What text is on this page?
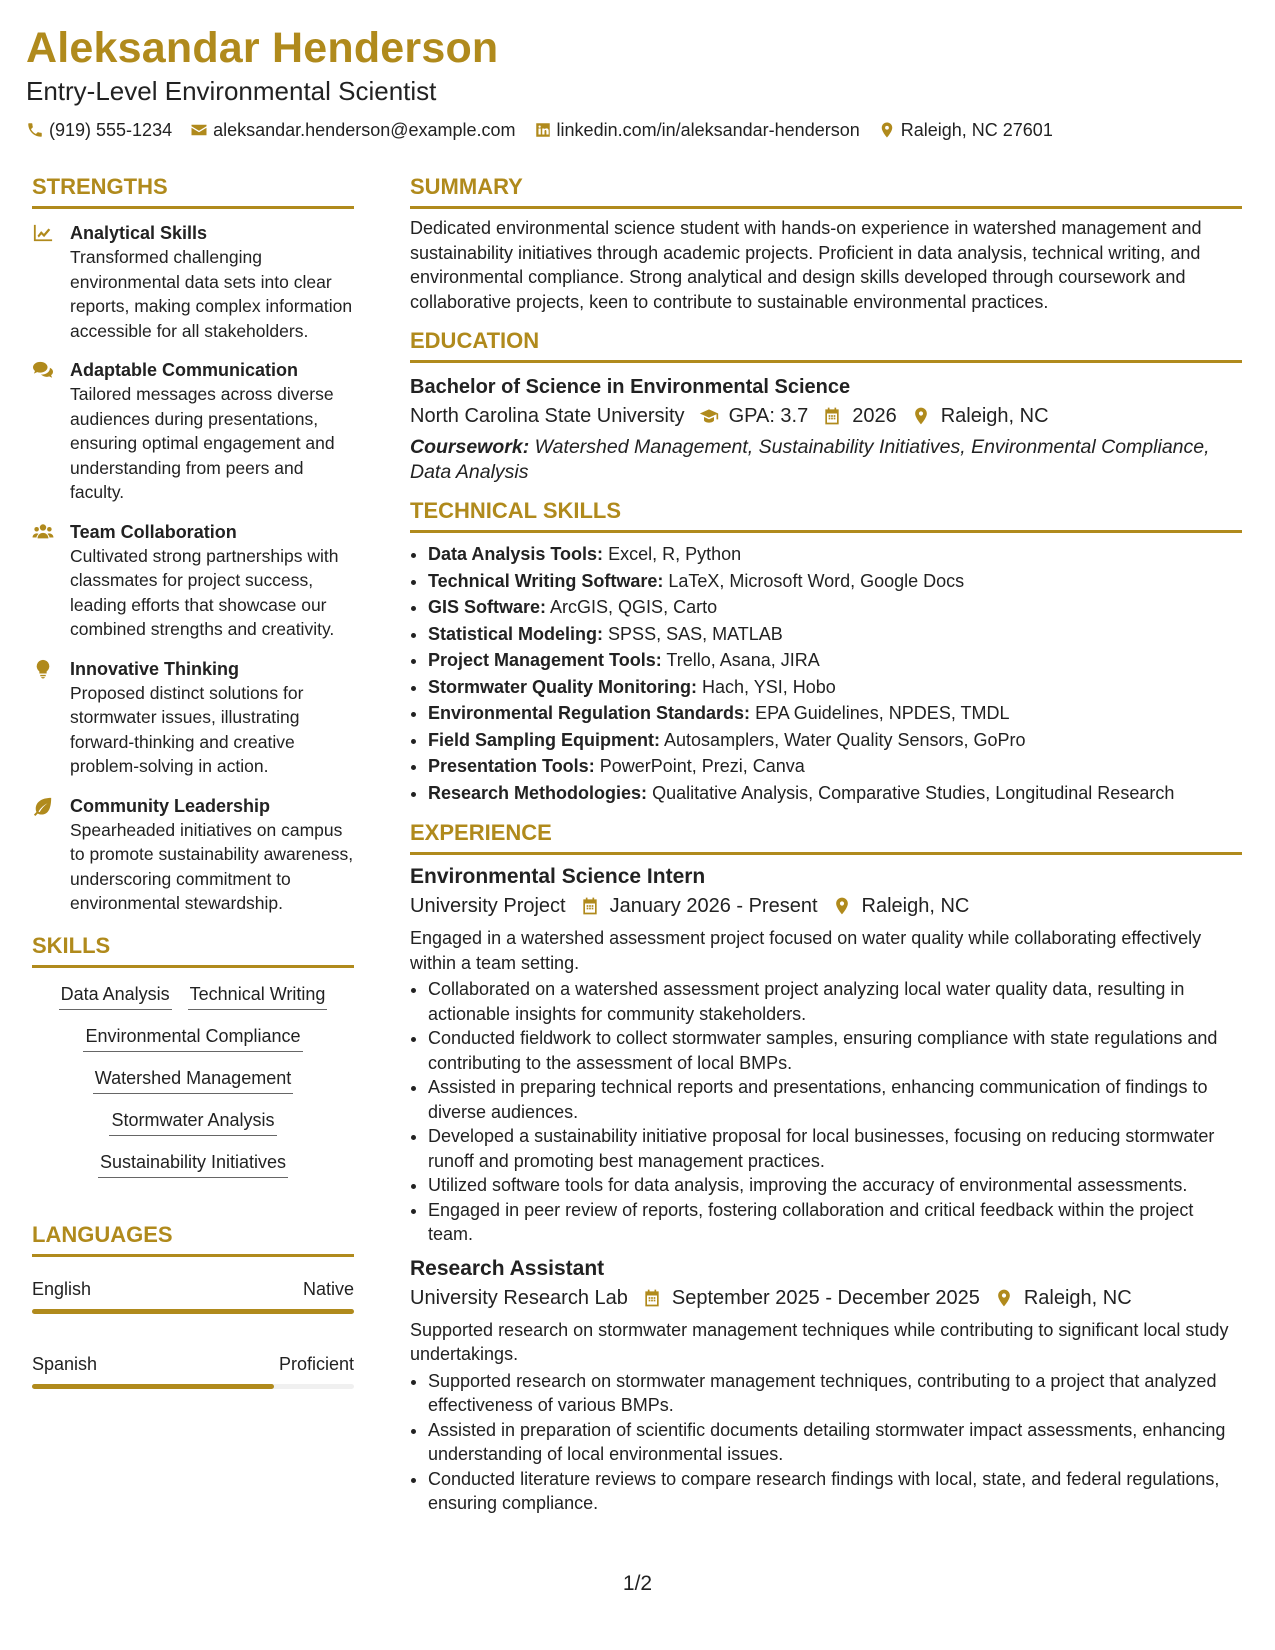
Aleksandar Henderson
Entry-Level Environmental Scientist
(919) 555-1234 aleksandar.henderson@example.com linkedin.com/in/aleksandar-henderson Raleigh, NC 27601
STRENGTHS
Analytical Skills
Transformed challenging environmental data sets into clear reports, making complex information accessible for all stakeholders.
Adaptable Communication
Tailored messages across diverse audiences during presentations, ensuring optimal engagement and understanding from peers and faculty.
Team Collaboration
Cultivated strong partnerships with classmates for project success, leading efforts that showcase our combined strengths and creativity.
Innovative Thinking
Proposed distinct solutions for stormwater issues, illustrating forward-thinking and creative problem-solving in action.
Community Leadership
Spearheaded initiatives on campus to promote sustainability awareness, underscoring commitment to environmental stewardship.
SKILLS
Data Analysis Technical Writing
Environmental Compliance
Watershed Management
Stormwater Analysis
Sustainability Initiatives
LANGUAGES
English	Native
Spanish	Proficient
SUMMARY
Dedicated environmental science student with hands-on experience in watershed management and sustainability initiatives through academic projects. Proficient in data analysis, technical writing, and environmental compliance. Strong analytical and design skills developed through coursework and collaborative projects, keen to contribute to sustainable environmental practices.
EDUCATION
Bachelor of Science in Environmental Science
North Carolina State University GPA: 3.7 2026 Raleigh, NC
Coursework: Watershed Management, Sustainability Initiatives, Environmental Compliance, Data Analysis
TECHNICAL SKILLS
• Data Analysis Tools: Excel, R, Python
• Technical Writing Software: LaTeX, Microsoft Word, Google Docs
• GIS Software: ArcGIS, QGIS, Carto
• Statistical Modeling: SPSS, SAS, MATLAB
• Project Management Tools: Trello, Asana, JIRA
• Stormwater Quality Monitoring: Hach, YSI, Hobo
• Environmental Regulation Standards: EPA Guidelines, NPDES, TMDL
• Field Sampling Equipment: Autosamplers, Water Quality Sensors, GoPro
• Presentation Tools: PowerPoint, Prezi, Canva
• Research Methodologies: Qualitative Analysis, Comparative Studies, Longitudinal Research
EXPERIENCE
Environmental Science Intern
University Project January 2026 - Present Raleigh, NC
Engaged in a watershed assessment project focused on water quality while collaborating effectively within a team setting.
• Collaborated on a watershed assessment project analyzing local water quality data, resulting in actionable insights for community stakeholders.
• Conducted fieldwork to collect stormwater samples, ensuring compliance with state regulations and contributing to the assessment of local BMPs.
• Assisted in preparing technical reports and presentations, enhancing communication of findings to diverse audiences.
• Developed a sustainability initiative proposal for local businesses, focusing on reducing stormwater runoff and promoting best management practices.
• Utilized software tools for data analysis, improving the accuracy of environmental assessments.
• Engaged in peer review of reports, fostering collaboration and critical feedback within the project team.
Research Assistant
University Research Lab September 2025 - December 2025 Raleigh, NC
Supported research on stormwater management techniques while contributing to significant local study undertakings.
• Supported research on stormwater management techniques, contributing to a project that analyzed effectiveness of various BMPs.
• Assisted in preparation of scientific documents detailing stormwater impact assessments, enhancing understanding of local environmental issues.
• Conducted literature reviews to compare research findings with local, state, and federal regulations, ensuring compliance.
1/2
